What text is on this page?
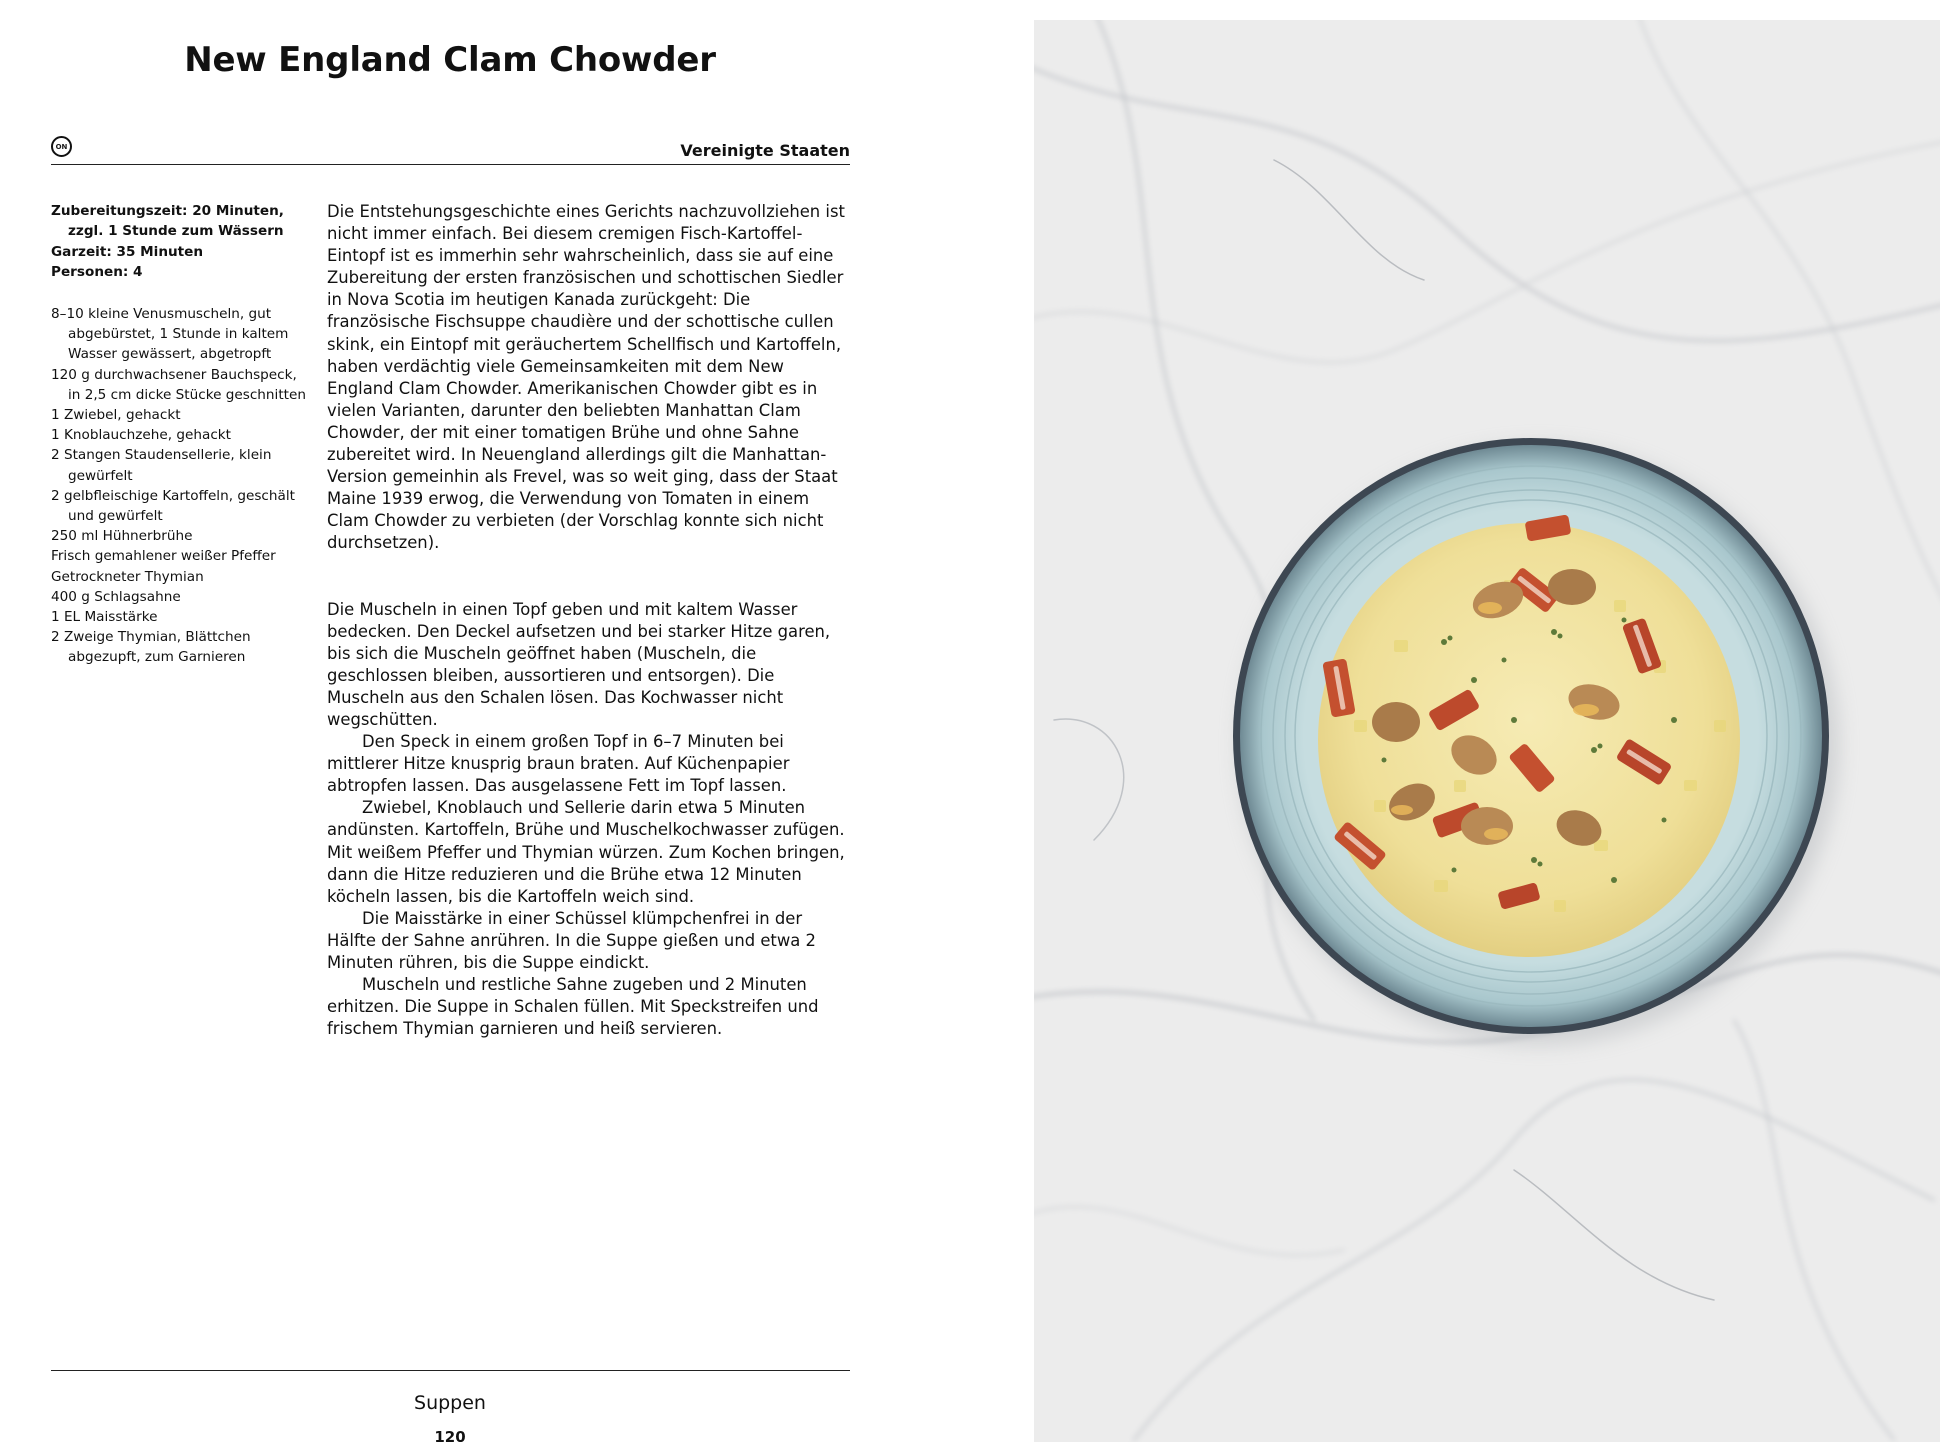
New England Clam Chowder
ON	Vereinigte Staaten
Zubereitungszeit: 20 Minuten,
zzgl. 1 Stunde zum Wässern
Garzeit: 35 Minuten
Personen: 4
8–10 kleine Venusmuscheln, gut abgebürstet, 1 Stunde in kaltem Wasser gewässert, abgetropft
120 g durchwachsener Bauchspeck, in 2,5 cm dicke Stücke geschnitten
1 Zwiebel, gehackt
1 Knoblauchzehe, gehackt
2 Stangen Staudensellerie, klein gewürfelt
2 gelbfleischige Kartoffeln, geschält und gewürfelt
250 ml Hühnerbrühe
Frisch gemahlener weißer Pfeffer
Getrockneter Thymian
400 g Schlagsahne
1 EL Maisstärke
2 Zweige Thymian, Blättchen abgezupft, zum Garnieren

Die Entstehungsgeschichte eines Gerichts nachzuvollziehen ist nicht immer einfach. Bei diesem cremigen Fisch-Kartoffel-Eintopf ist es immerhin sehr wahrscheinlich, dass sie auf eine Zubereitung der ersten französischen und schottischen Siedler in Nova Scotia im heutigen Kanada zurückgeht: Die französische Fischsuppe chaudière und der schottische cullen skink, ein Eintopf mit geräuchertem Schellfisch und Kartoffeln, haben verdächtig viele Gemeinsamkeiten mit dem New England Clam Chowder. Amerikanischen Chowder gibt es in vielen Varianten, darunter den beliebten Manhattan Clam Chowder, der mit einer tomatigen Brühe und ohne Sahne zubereitet wird. In Neuengland allerdings gilt die Manhattan-Version gemeinhin als Frevel, was so weit ging, dass der Staat Maine 1939 erwog, die Verwendung von Tomaten in einem Clam Chowder zu verbieten (der Vorschlag konnte sich nicht durchsetzen).

Die Muscheln in einen Topf geben und mit kaltem Wasser bedecken. Den Deckel aufsetzen und bei starker Hitze garen, bis sich die Muscheln geöffnet haben (Muscheln, die geschlossen bleiben, aussortieren und entsorgen). Die Muscheln aus den Schalen lösen. Das Kochwasser nicht wegschütten.

Den Speck in einem großen Topf in 6–7 Minuten bei mittlerer Hitze knusprig braun braten. Auf Küchenpapier abtropfen lassen. Das ausgelassene Fett im Topf lassen.

Zwiebel, Knoblauch und Sellerie darin etwa 5 Minuten andünsten. Kartoffeln, Brühe und Muschelkochwasser zufügen. Mit weißem Pfeffer und Thymian würzen. Zum Kochen bringen, dann die Hitze reduzieren und die Brühe etwa 12 Minuten köcheln lassen, bis die Kartoffeln weich sind.

Die Maisstärke in einer Schüssel klümpchenfrei in der Hälfte der Sahne anrühren. In die Suppe gießen und etwa 2 Minuten rühren, bis die Suppe eindickt.

Muscheln und restliche Sahne zugeben und 2 Minuten erhitzen. Die Suppe in Schalen füllen. Mit Speckstreifen und frischem Thymian garnieren und heiß servieren.

Suppen
120
